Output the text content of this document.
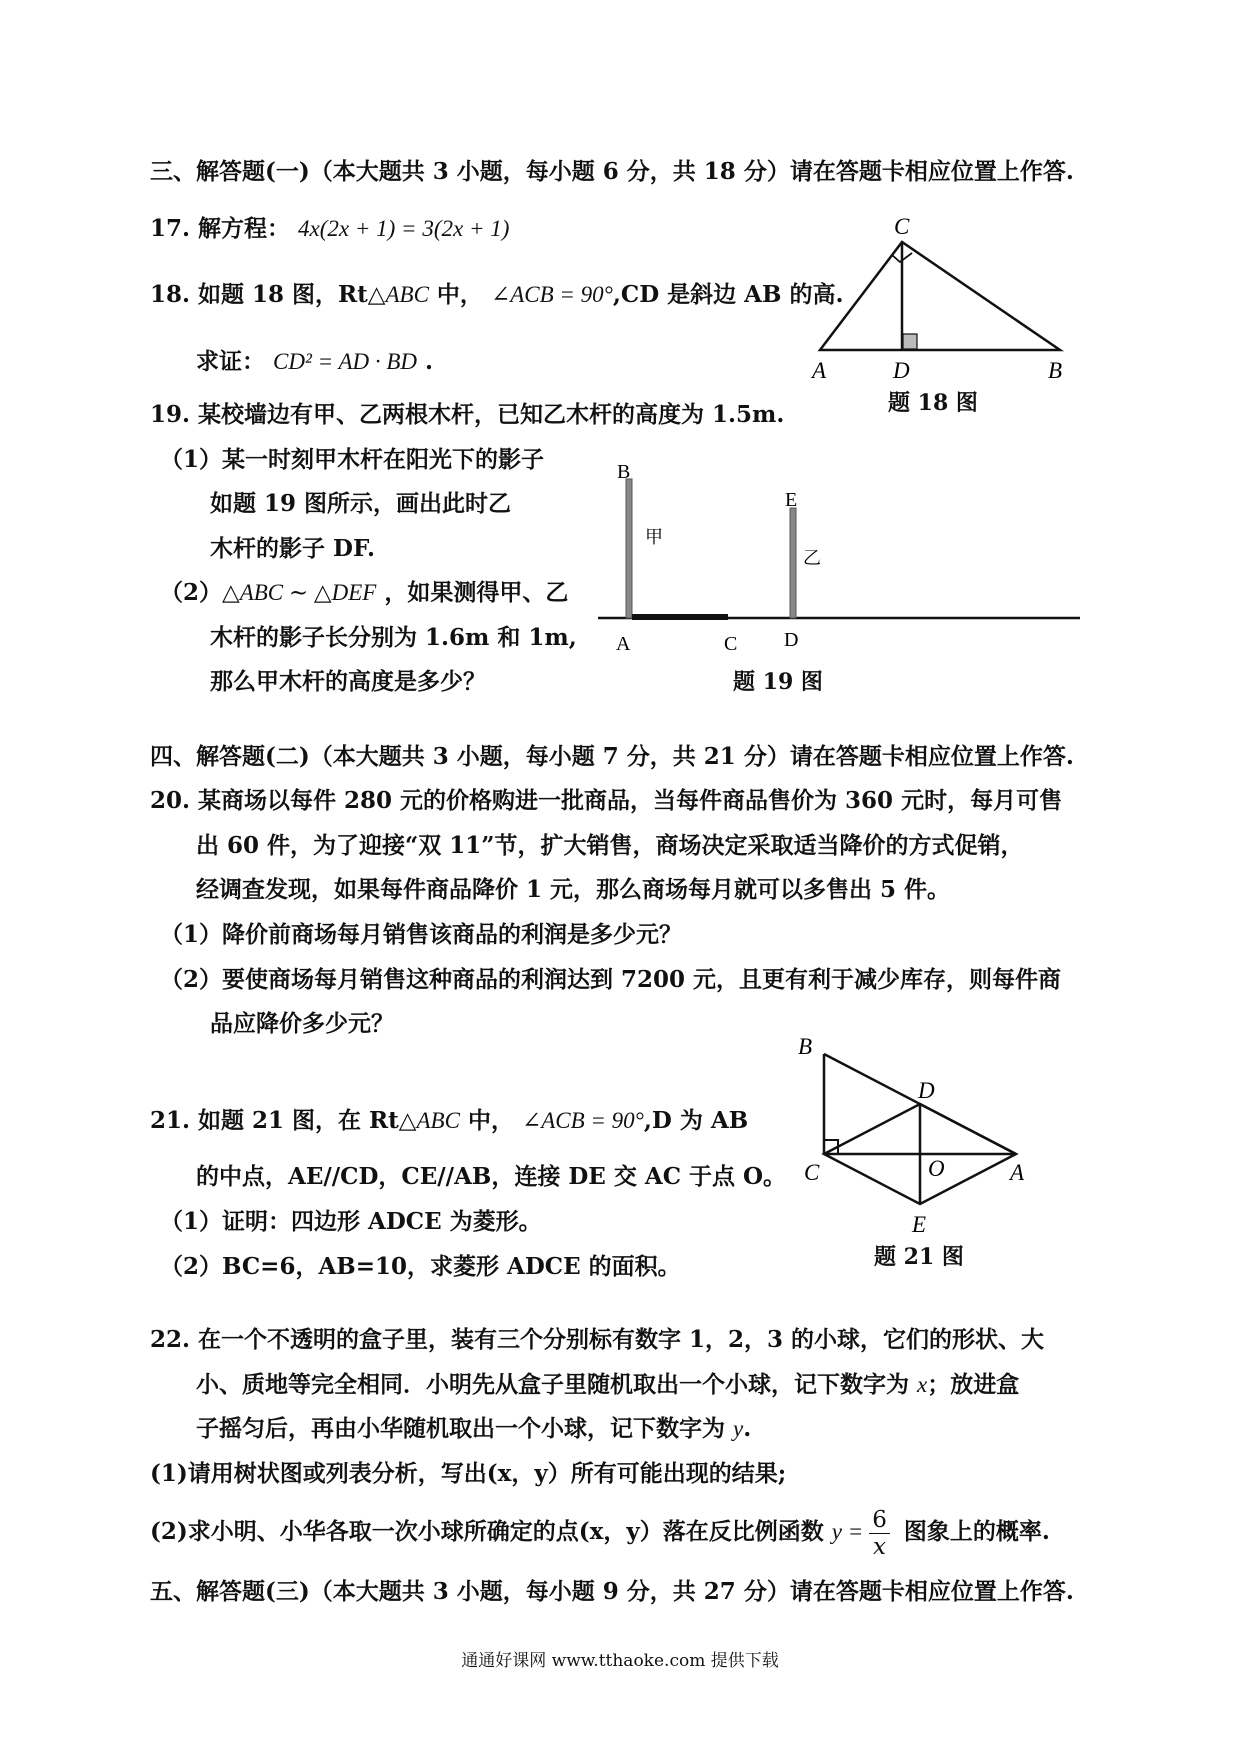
三、解答题(一)（本大题共 3 小题，每小题 6 分，共 18 分）请在答题卡相应位置上作答.
17. 解方程： 4x(2x + 1) = 3(2x + 1)
18. 如题 18 图，Rt△ABC 中， ∠ACB = 90°,CD 是斜边 AB 的高.
求证： CD² = AD · BD .
C
A	D	B
题 18 图
19. 某校墙边有甲、乙两根木杆，已知乙木杆的高度为 1.5m.
（1）某一时刻甲木杆在阳光下的影子
如题 19 图所示，画出此时乙
木杆的影子 DF.
（2）△ABC ∼ △DEF ，如果测得甲、乙
木杆的影子长分别为 1.6m 和 1m,
那么甲木杆的高度是多少？
B
E
甲
乙
A	C D
题 19 图
四、解答题(二)（本大题共 3 小题，每小题 7 分，共 21 分）请在答题卡相应位置上作答.
20. 某商场以每件 280 元的价格购进一批商品，当每件商品售价为 360 元时，每月可售
出 60 件，为了迎接“双 11”节，扩大销售，商场决定采取适当降价的方式促销，
经调查发现，如果每件商品降价 1 元，那么商场每月就可以多售出 5 件。
（1）降价前商场每月销售该商品的利润是多少元？
（2）要使商场每月销售这种商品的利润达到 7200 元，且更有利于减少库存，则每件商
品应降价多少元？
21. 如题 21 图，在 Rt△ABC 中， ∠ACB = 90°,D 为 AB
的中点，AE//CD，CE//AB，连接 DE 交 AC 于点 O。
（1）证明：四边形 ADCE 为菱形。
（2）BC=6，AB=10，求菱形 ADCE 的面积。
B
D
C	O	A
E
题 21 图
22. 在一个不透明的盒子里，装有三个分别标有数字 1，2，3 的小球，它们的形状、大
小、质地等完全相同．小明先从盒子里随机取出一个小球，记下数字为 x；放进盒
子摇匀后，再由小华随机取出一个小球，记下数字为 y.
(1)请用树状图或列表分析，写出(x，y）所有可能出现的结果;
(2)求小明、小华各取一次小球所确定的点(x，y）落在反比例函数 $y = \frac{6}{x}$ 图象上的概率.
五、解答题(三)（本大题共 3 小题，每小题 9 分，共 27 分）请在答题卡相应位置上作答.
通通好课网 www.tthaoke.com 提供下载
